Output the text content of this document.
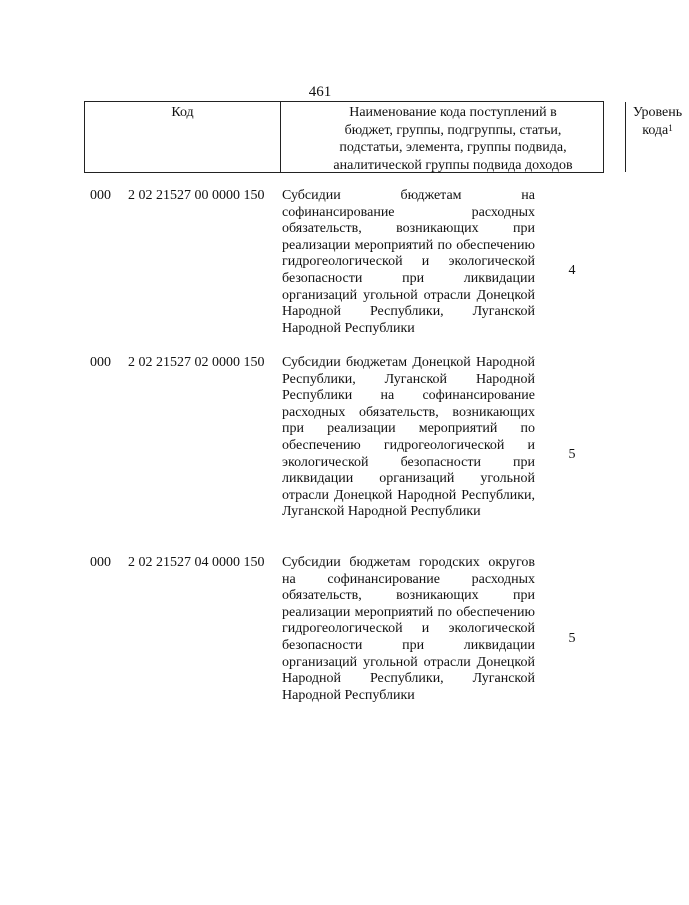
461
Код	Наименование кода поступлений в
бюджет, группы, подгруппы, статьи,
подстатьи, элемента, группы подвида,
аналитической группы подвида доходов
Уровень
кода$^1$
000 2 02 21527 00 0000 150 Субсидии бюджетам на софинансирование расходных обязательств, возникающих при реализации мероприятий по обеспечению гидрогеологической и экологической безопасности при ликвидации организаций угольной отрасли Донецкой Народной Республики, Луганской Народной Республики
4
000 2 02 21527 02 0000 150 Субсидии бюджетам Донецкой Народной Республики, Луганской Народной Республики на софинансирование расходных обязательств, возникающих при реализации мероприятий по обеспечению гидрогеологической и экологической безопасности при ликвидации организаций угольной отрасли Донецкой Народной Республики, Луганской Народной Республики
5
000 2 02 21527 04 0000 150 Субсидии бюджетам городских округов на софинансирование расходных обязательств, возникающих при реализации мероприятий по обеспечению гидрогеологической и экологической безопасности при ликвидации организаций угольной отрасли Донецкой Народной Республики, Луганской Народной Республики
5
